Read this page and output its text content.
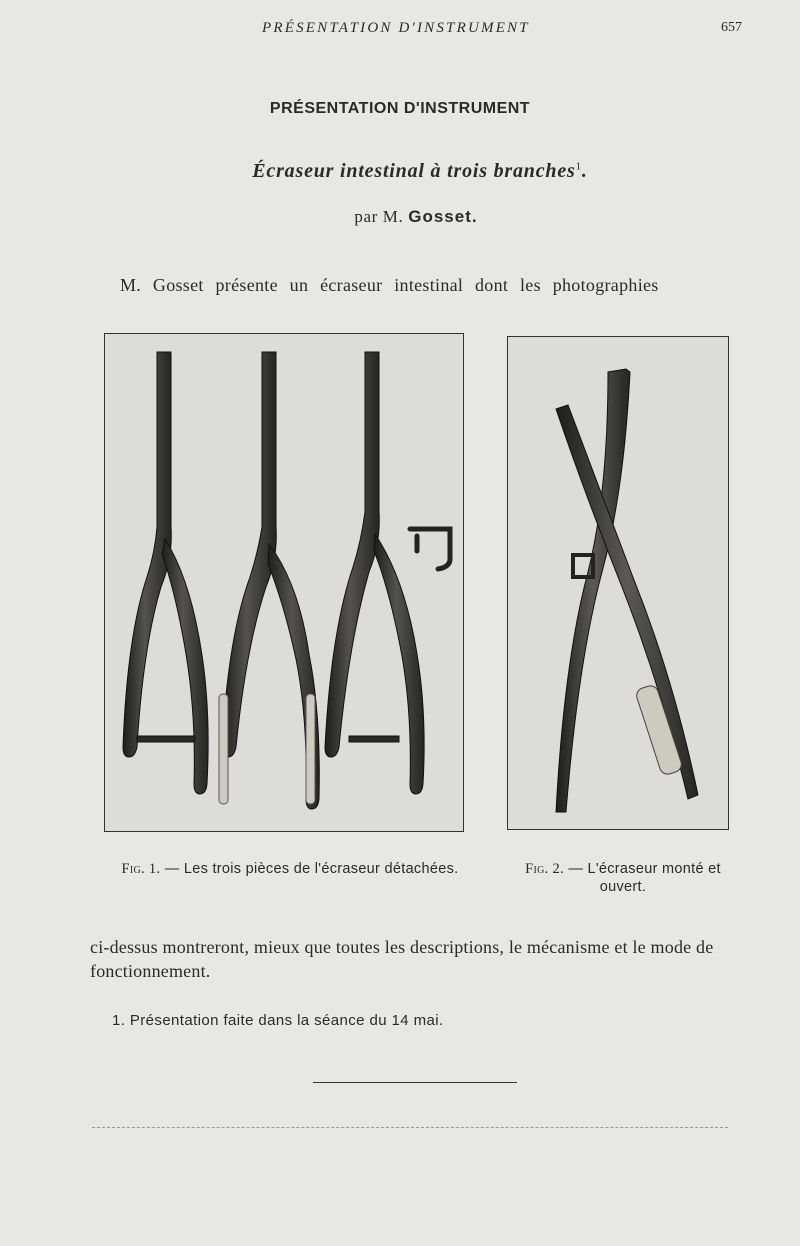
PRÉSENTATION D'INSTRUMENT	657
PRÉSENTATION D'INSTRUMENT
Écraseur intestinal à trois branches$^1$.
par M. Gosset.
M. Gosset présente un écraseur intestinal dont les photographies
Fig. 1. — Les trois pièces de l'écraseur détachées.	Fig. 2. — L'écraseur monté et ouvert.
ci-dessus montreront, mieux que toutes les descriptions, le mécanisme et le mode de fonctionnement.
1. Présentation faite dans la séance du 14 mai.
